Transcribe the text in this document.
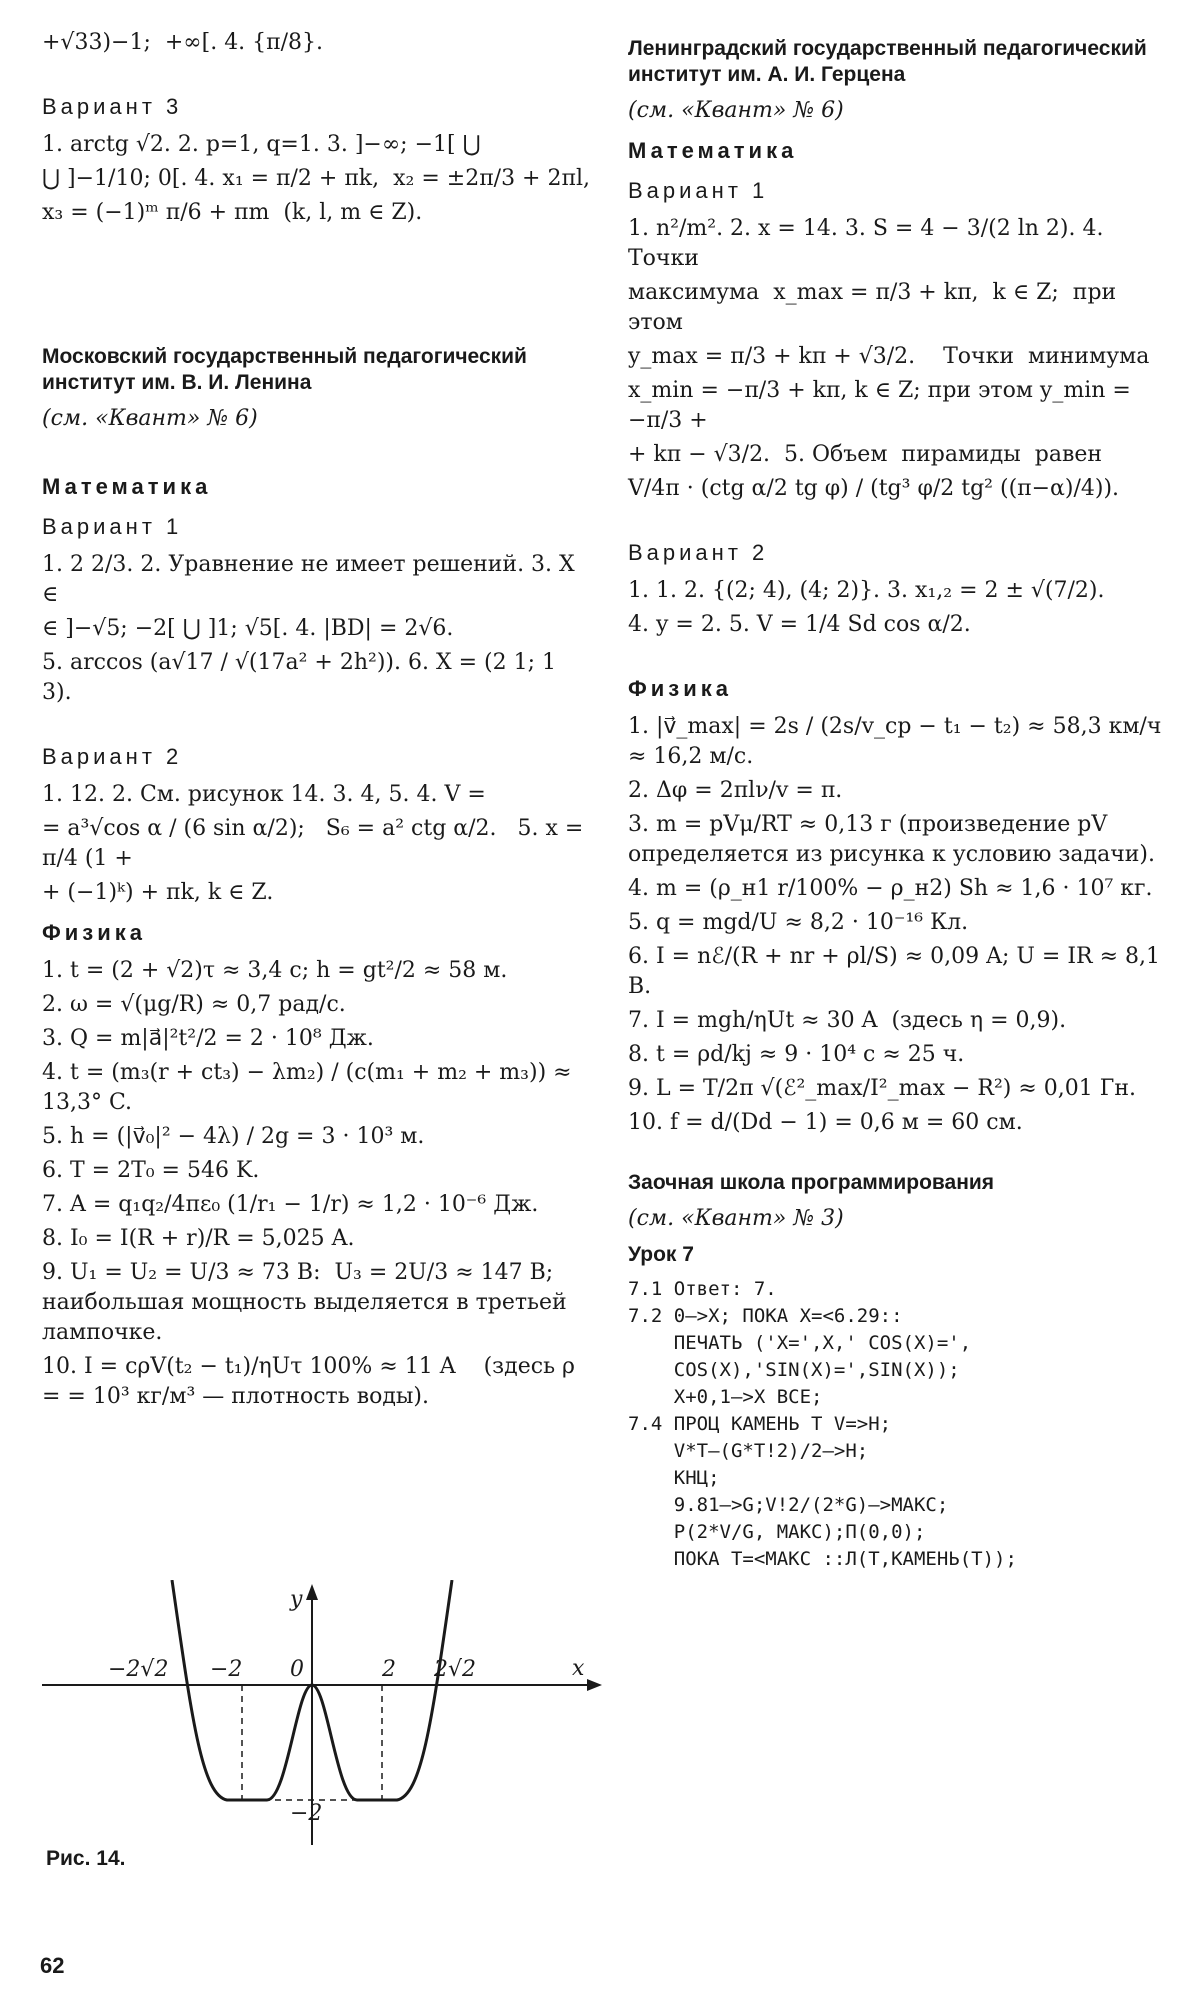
+√33)−1;  +∞[. 4. {π/8}.
Вариант 3
1. arctg √2. 2. p=1, q=1. 3. ]−∞; −1[ ⋃
⋃ ]−1/10; 0[. 4. x₁ = π/2 + πk,  x₂ = ±2π/3 + 2πl,
x₃ = (−1)ᵐ π/6 + πm  (k, l, m ∈ Z).
Московский государственный педагогический институт им. В. И. Ленина
(см. «Квант» № 6)
Математика
Вариант 1
1. 2 2/3. 2. Уравнение не имеет решений. 3. X ∈
∈ ]−√5; −2[ ⋃ ]1; √5[. 4. |BD| = 2√6.
5. arccos (a√17 / √(17a² + 2h²)). 6. X = (2 1; 1 3).
Вариант 2
1. 12. 2. См. рисунок 14. 3. 4, 5. 4. V =
= a³√cos α / (6 sin α/2);   S₆ = a² ctg α/2.   5. x = π/4 (1 +
+ (−1)ᵏ) + πk, k ∈ Z.
Физика
1. t = (2 + √2)τ ≈ 3,4 с; h = gt²/2 ≈ 58 м.
2. ω = √(μg/R) ≈ 0,7 рад/с.
3. Q = m|a⃗|²t²/2 = 2 · 10⁸ Дж.
4. t = (m₃(r + ct₃) − λm₂) / (c(m₁ + m₂ + m₃)) ≈ 13,3° C.
5. h = (|v⃗₀|² − 4λ) / 2g = 3 · 10³ м.
6. T = 2T₀ = 546 K.
7. A = q₁q₂/4πε₀ (1/r₁ − 1/r) ≈ 1,2 · 10⁻⁶ Дж.
8. I₀ = I(R + r)/R = 5,025 A.
9. U₁ = U₂ = U/3 ≈ 73 В:  U₃ = 2U/3 ≈ 147 В; наибольшая мощность выделяется в третьей лампочке.
10. I = cρV(t₂ − t₁)/ηUτ 100% ≈ 11 A    (здесь ρ = = 10³ кг/м³ — плотность воды).
y
x
−2√2 −2 0	2 2√2
−2
Рис. 14.
62
Ленинградский государственный педагогический институт им. А. И. Герцена
(см. «Квант» № 6)
Математика
Вариант 1
1. n²/m². 2. x = 14. 3. S = 4 − 3/(2 ln 2). 4. Точки
максимума  x_max = π/3 + kπ,  k ∈ Z;  при  этом
y_max = π/3 + kπ + √3/2.    Точки  минимума
x_min = −π/3 + kπ, k ∈ Z; при этом y_min = −π/3 +
+ kπ − √3/2.  5. Объем  пирамиды  равен
V/4π · (ctg α/2 tg φ) / (tg³ φ/2 tg² ((π−α)/4)).
Вариант 2
1. 1. 2. {(2; 4), (4; 2)}. 3. x₁,₂ = 2 ± √(7/2).
4. y = 2. 5. V = 1/4 Sd cos α/2.
Физика
1. |v⃗_max| = 2s / (2s/v_ср − t₁ − t₂) ≈ 58,3 км/ч ≈ 16,2 м/с.
2. Δφ = 2πlν/v = π.
3. m = pVμ/RT ≈ 0,13 г (произведение pV определяется из рисунка к условию задачи).
4. m = (ρ_н1 r/100% − ρ_н2) Sh ≈ 1,6 · 10⁷ кг.
5. q = mgd/U ≈ 8,2 · 10⁻¹⁶ Кл.
6. I = nℰ/(R + nr + ρl/S) ≈ 0,09 A; U = IR ≈ 8,1 В.
7. I = mgh/ηUt ≈ 30 A  (здесь η = 0,9).
8. t = ρd/kj ≈ 9 · 10⁴ с ≈ 25 ч.
9. L = T/2π √(ℰ²_max/I²_max − R²) ≈ 0,01 Гн.
10. f = d/(Dd − 1) = 0,6 м = 60 см.
Заочная школа программирования
(см. «Квант» № 3)
Урок 7
7.1 Ответ: 7.
7.2 0—>X; ПОКА X=<6.29::
ПЕЧАТЬ ('X=',X,' COS(X)=',
COS(X),'SIN(X)=',SIN(X));
X+0,1—>X ВСЕ;
7.4 ПРОЦ КАМЕНЬ T V=>H;
V*T—(G*T!2)/2—>H;
КНЦ;
9.81—>G;V!2/(2*G)—>МАКС;
P(2*V/G, МАКС);П(0,0);
ПОКА T=<МАКС ::Л(T,КАМЕНЬ(T));
